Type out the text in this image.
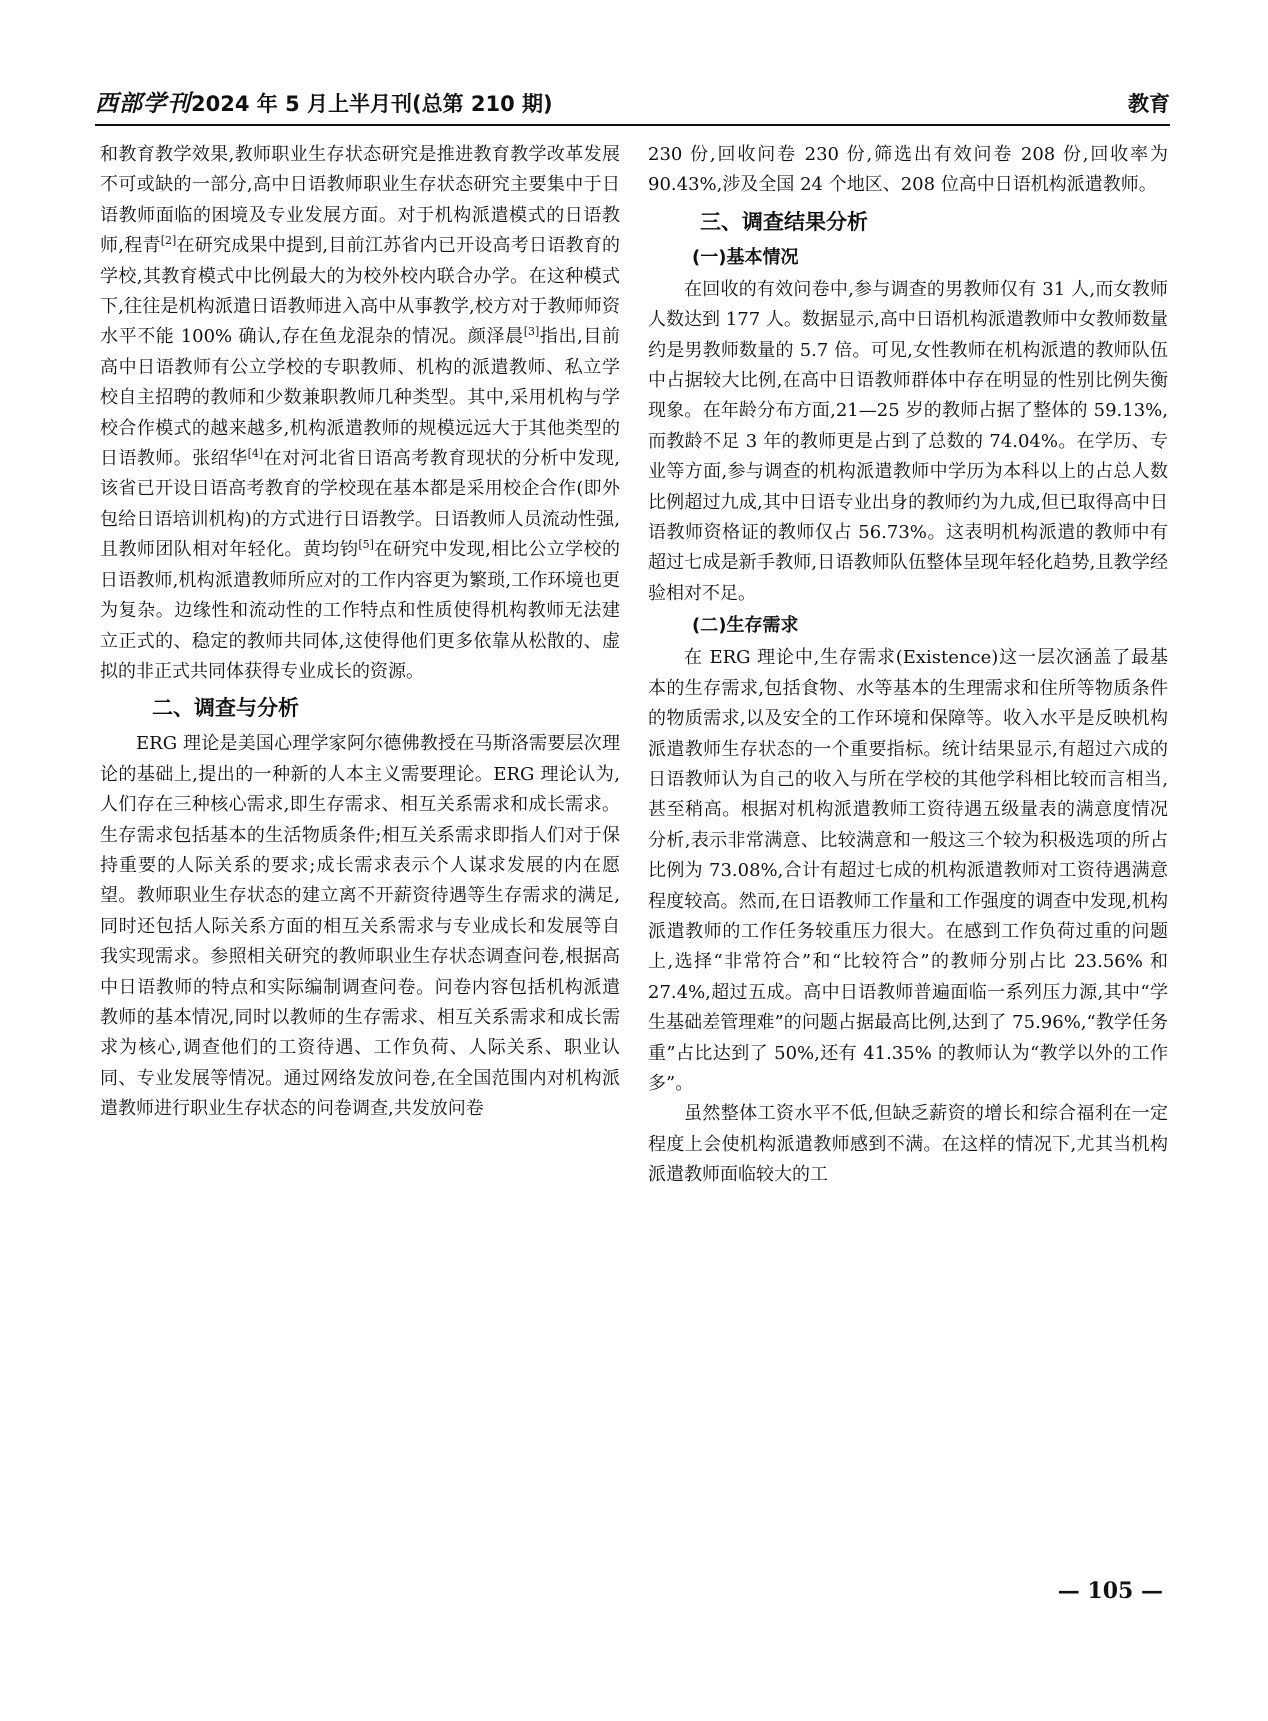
西部学刊2024 年 5 月上半月刊(总第 210 期)	教育

和教育教学效果,教师职业生存状态研究是推进教育教学改革发展不可或缺的一部分,高中日语教师职业生存状态研究主要集中于日语教师面临的困境及专业发展方面。对于机构派遣模式的日语教师,程青[2]在研究成果中提到,目前江苏省内已开设高考日语教育的学校,其教育模式中比例最大的为校外校内联合办学。在这种模式下,往往是机构派遣日语教师进入高中从事教学,校方对于教师师资水平不能 100% 确认,存在鱼龙混杂的情况。颜泽晨[3]指出,目前高中日语教师有公立学校的专职教师、机构的派遣教师、私立学校自主招聘的教师和少数兼职教师几种类型。其中,采用机构与学校合作模式的越来越多,机构派遣教师的规模远远大于其他类型的日语教师。张绍华[4]在对河北省日语高考教育现状的分析中发现,该省已开设日语高考教育的学校现在基本都是采用校企合作(即外包给日语培训机构)的方式进行日语教学。日语教师人员流动性强,且教师团队相对年轻化。黄均钧[5]在研究中发现,相比公立学校的日语教师,机构派遣教师所应对的工作内容更为繁琐,工作环境也更为复杂。边缘性和流动性的工作特点和性质使得机构教师无法建立正式的、稳定的教师共同体,这使得他们更多依靠从松散的、虚拟的非正式共同体获得专业成长的资源。

二、调查与分析

ERG 理论是美国心理学家阿尔德佛教授在马斯洛需要层次理论的基础上,提出的一种新的人本主义需要理论。ERG 理论认为,人们存在三种核心需求,即生存需求、相互关系需求和成长需求。生存需求包括基本的生活物质条件;相互关系需求即指人们对于保持重要的人际关系的要求;成长需求表示个人谋求发展的内在愿望。教师职业生存状态的建立离不开薪资待遇等生存需求的满足,同时还包括人际关系方面的相互关系需求与专业成长和发展等自我实现需求。参照相关研究的教师职业生存状态调查问卷,根据高中日语教师的特点和实际编制调查问卷。问卷内容包括机构派遣教师的基本情况,同时以教师的生存需求、相互关系需求和成长需求为核心,调查他们的工资待遇、工作负荷、人际关系、职业认同、专业发展等情况。通过网络发放问卷,在全国范围内对机构派遣教师进行职业生存状态的问卷调查,共发放问卷

230 份,回收问卷 230 份,筛选出有效问卷 208 份,回收率为 90.43%,涉及全国 24 个地区、208 位高中日语机构派遣教师。

三、调查结果分析
(一)基本情况

在回收的有效问卷中,参与调查的男教师仅有 31 人,而女教师人数达到 177 人。数据显示,高中日语机构派遣教师中女教师数量约是男教师数量的 5.7 倍。可见,女性教师在机构派遣的教师队伍中占据较大比例,在高中日语教师群体中存在明显的性别比例失衡现象。在年龄分布方面,21—25 岁的教师占据了整体的 59.13%,而教龄不足 3 年的教师更是占到了总数的 74.04%。在学历、专业等方面,参与调查的机构派遣教师中学历为本科以上的占总人数比例超过九成,其中日语专业出身的教师约为九成,但已取得高中日语教师资格证的教师仅占 56.73%。这表明机构派遣的教师中有超过七成是新手教师,日语教师队伍整体呈现年轻化趋势,且教学经验相对不足。

(二)生存需求

在 ERG 理论中,生存需求(Existence)这一层次涵盖了最基本的生存需求,包括食物、水等基本的生理需求和住所等物质条件的物质需求,以及安全的工作环境和保障等。收入水平是反映机构派遣教师生存状态的一个重要指标。统计结果显示,有超过六成的日语教师认为自己的收入与所在学校的其他学科相比较而言相当,甚至稍高。根据对机构派遣教师工资待遇五级量表的满意度情况分析,表示非常满意、比较满意和一般这三个较为积极选项的所占比例为 73.08%,合计有超过七成的机构派遣教师对工资待遇满意程度较高。然而,在日语教师工作量和工作强度的调查中发现,机构派遣教师的工作任务较重压力很大。在感到工作负荷过重的问题上,选择“非常符合”和“比较符合”的教师分别占比 23.56% 和 27.4%,超过五成。高中日语教师普遍面临一系列压力源,其中“学生基础差管理难”的问题占据最高比例,达到了 75.96%,“教学任务重”占比达到了 50%,还有 41.35% 的教师认为“教学以外的工作多”。

虽然整体工资水平不低,但缺乏薪资的增长和综合福利在一定程度上会使机构派遣教师感到不满。在这样的情况下,尤其当机构派遣教师面临较大的工

— 105 —
